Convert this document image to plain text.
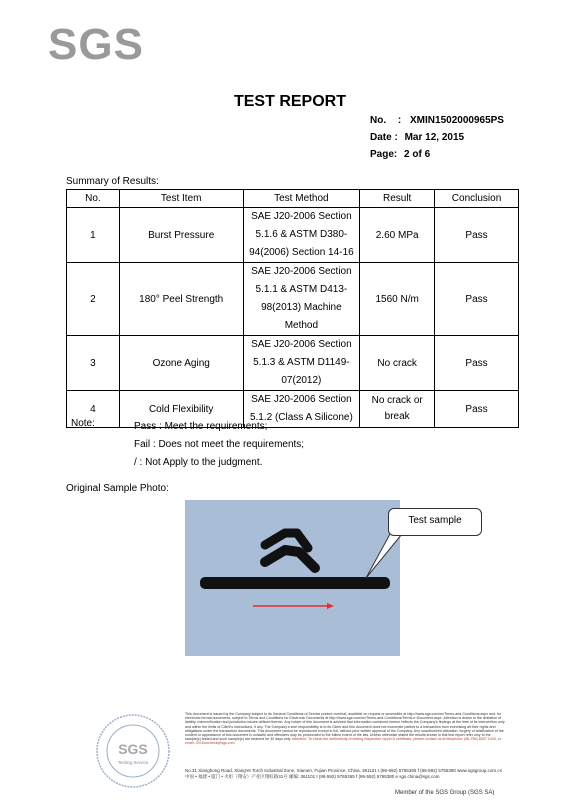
SGS
TEST REPORT
No. : XMIN1502000965PS
Date : Mar 12, 2015
Page: 2 of 6
Summary of Results:
No.	Test Item	Test Method	Result	Conclusion
1	Burst Pressure	SAE J20-2006 Section
5.1.6 & ASTM D380-
94(2006) Section 14-16	2.60 MPa	Pass
2	180° Peel Strength	SAE J20-2006 Section
5.1.1 & ASTM D413-
98(2013) Machine Method	1560 N/m	Pass
3	Ozone Aging	SAE J20-2006 Section
5.1.3 & ASTM D1149-
07(2012)	No crack	Pass
4	Cold Flexibility	SAE J20-2006 Section
5.1.2 (Class A Silicone)	No crack or break	Pass
Note:	Pass : Meet the requirements;
Fail : Does not meet the requirements;
/ : Not Apply to the judgment.
Original Sample Photo:
Test sample
SGS
Testing Service
This document is issued by the Company subject to its General Conditions of Service printed overleaf, available on request or accessible at http://www.sgs.com/en/Terms-and-Conditions.aspx and, for electronic format documents, subject to Terms and Conditions for Electronic Documents at http://www.sgs.com/en/Terms-and-Conditions/Terms-e-Document.aspx. Attention is drawn to the limitation of liability, indemnification and jurisdiction issues defined therein. Any holder of this document is advised that information contained hereon reflects the Company's findings at the time of its intervention only and within the limits of Client's instructions, if any. The Company's sole responsibility is to its Client and this document does not exonerate parties to a transaction from exercising all their rights and obligations under the transaction documents. This document cannot be reproduced except in full, without prior written approval of the Company. Any unauthorized alteration, forgery or falsification of the content or appearance of this document is unlawful and offenders may be prosecuted to the fullest extent of the law. Unless otherwise stated the results shown in this test report refer only to the sample(s) tested and such sample(s) are retained for 30 days only. Attention: To check the authenticity of testing /inspection report & certificate, please contact us at telephone: (86-755) 8307 1443, or email: CN.Doccheck@sgs.com
No.31 Xianghong Road, XiangYe Torch Industrial Zone, Xiamen, Fujian Province, China. 361101 t (86-592) 5765365 f (86-592) 5765380 www.sgsgroup.com.cn
中国 • 福建 • 厦门 • 火炬（翔安）产业区翔虹路31号 邮编: 361101 t (86-592) 5765365 f (86-592) 5765380 e sgs.china@sgs.com
Member of the SGS Group (SGS SA)
